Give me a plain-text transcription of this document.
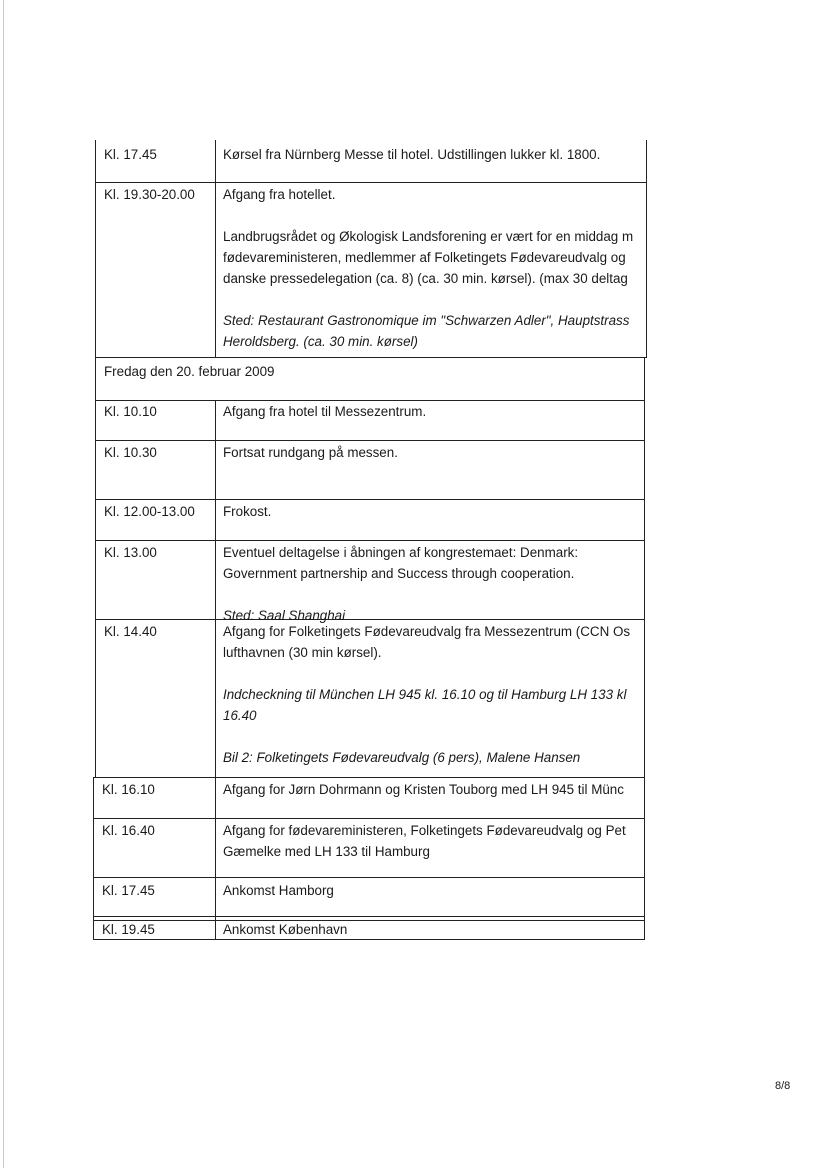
Kl. 17.45	Kørsel fra Nürnberg Messe til hotel. Udstillingen lukker kl. 1800.

Kl. 19.30-20.00 Afgang fra hotellet.

Landbrugsrådet og Økologisk Landsforening er vært for en middag m

fødevareministeren, medlemmer af Folketingets Fødevareudvalg og

danske pressedelegation (ca. 8) (ca. 30 min. kørsel). (max 30 deltag

Sted: Restaurant Gastronomique im "Schwarzen Adler", Hauptstrass

Heroldsberg. (ca. 30 min. kørsel)

Fredag den 20. februar 2009
Kl. 10.10	Afgang fra hotel til Messezentrum.

Kl. 10.30	Fortsat rundgang på messen.

Kl. 12.00-13.00 Frokost.

Kl. 13.00	Eventuel deltagelse i åbningen af kongrestemaet: Denmark:

Government partnership and Success through cooperation.

Sted: Saal Shanghai

Kl. 14.40	Afgang for Folketingets Fødevareudvalg fra Messezentrum (CCN Os

lufthavnen (30 min kørsel).

Indcheckning til München LH 945 kl. 16.10 og til Hamburg LH 133 kl

16.40

Bil 2: Folketingets Fødevareudvalg (6 pers), Malene Hansen

Kl. 16.10	Afgang for Jørn Dohrmann og Kristen Touborg med LH 945 til Münc

Kl. 16.40	Afgang for fødevareministeren, Folketingets Fødevareudvalg og Pet

Gæmelke med LH 133 til Hamburg

Kl. 17.45	Ankomst Hamborg

Kl. 19.45	Ankomst København

8/8
